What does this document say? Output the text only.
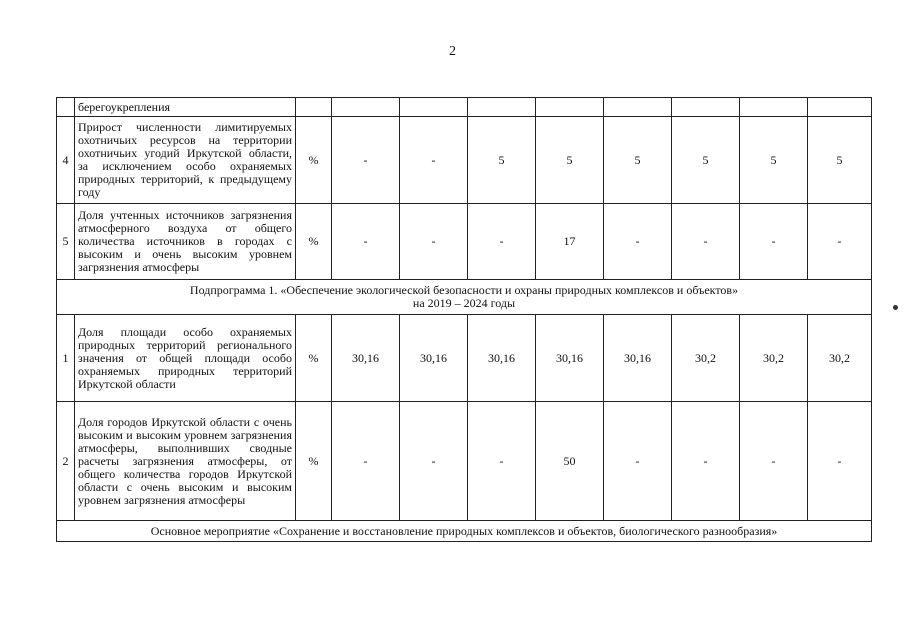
2
	берегоукрепления									
4	Прирост численности лимитируемых охотничьих ресурсов на территории охотничьих угодий Иркутской области, за исключением особо охраняемых природных территорий, к предыдущему году	%	-	-	5	5	5	5	5	5
5	Доля учтенных источников загрязнения атмосферного воздуха от общего количества источников в городах с высоким и очень высоким уровнем загрязнения атмосферы	%	-	-	-	17	-	-	-	-

Подпрограмма 1. «Обеспечение экологической безопасности и охраны природных комплексов и объектов»
на 2019 – 2024 годы										

1	Доля площади особо охраняемых природных территорий регионального значения от общей площади особо охраняемых природных территорий Иркутской области	%	30,16	30,16	30,16	30,16	30,16	30,2	30,2	30,2
2	Доля городов Иркутской области с очень высоким и высоким уровнем загрязнения атмосферы, выполнивших сводные расчеты загрязнения атмосферы, от общего количества городов Иркутской области с очень высоким и высоким уровнем загрязнения атмосферы	%	-	-	-	50	-	-	-	-
Основное мероприятие «Сохранение и восстановление природных комплексов и объектов, биологического разнообразия»										
